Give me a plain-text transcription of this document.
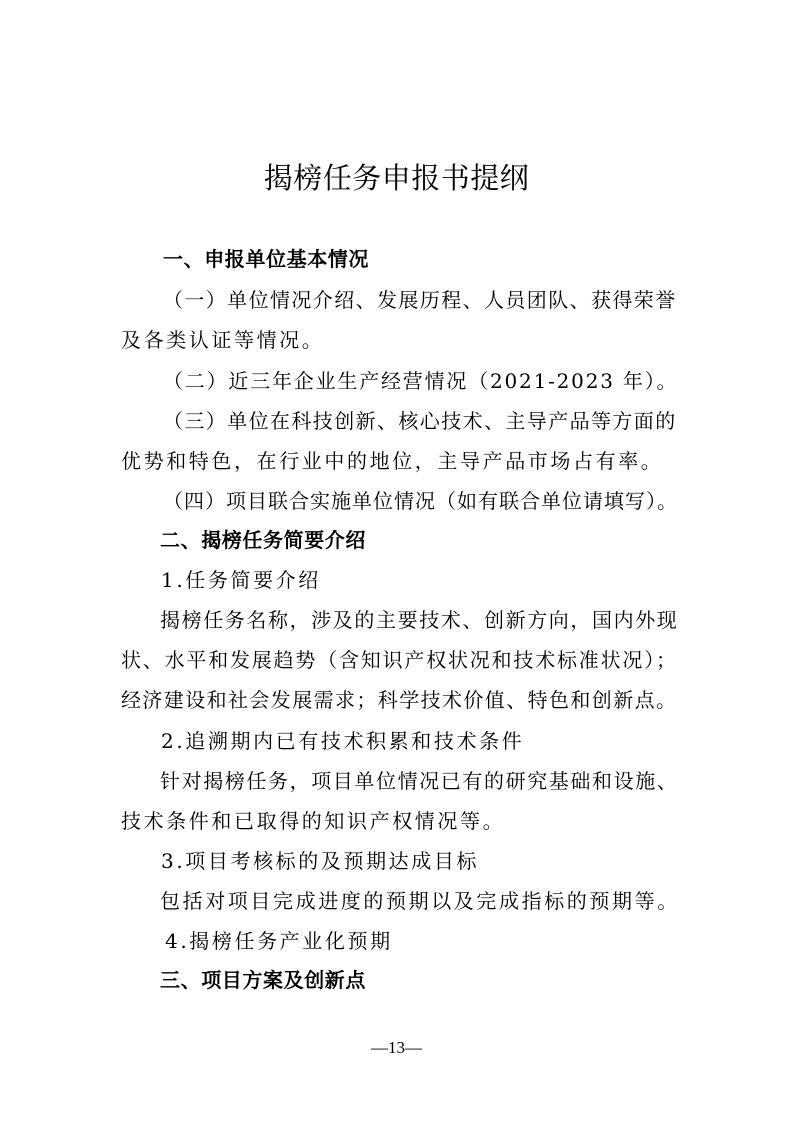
揭榜任务申报书提纲
一、申报单位基本情况
（一）单位情况介绍、发展历程、人员团队、获得荣誉
及各类认证等情况。
（二）近三年企业生产经营情况（2021-2023 年）。
（三）单位在科技创新、核心技术、主导产品等方面的
优势和特色，在行业中的地位，主导产品市场占有率。
（四）项目联合实施单位情况（如有联合单位请填写）。
二、揭榜任务简要介绍
1.任务简要介绍
揭榜任务名称，涉及的主要技术、创新方向，国内外现
状、水平和发展趋势（含知识产权状况和技术标准状况）；
经济建设和社会发展需求；科学技术价值、特色和创新点。
2.追溯期内已有技术积累和技术条件
针对揭榜任务，项目单位情况已有的研究基础和设施、
技术条件和已取得的知识产权情况等。
3.项目考核标的及预期达成目标
包括对项目完成进度的预期以及完成指标的预期等。
4.揭榜任务产业化预期
三、项目方案及创新点
—13—
